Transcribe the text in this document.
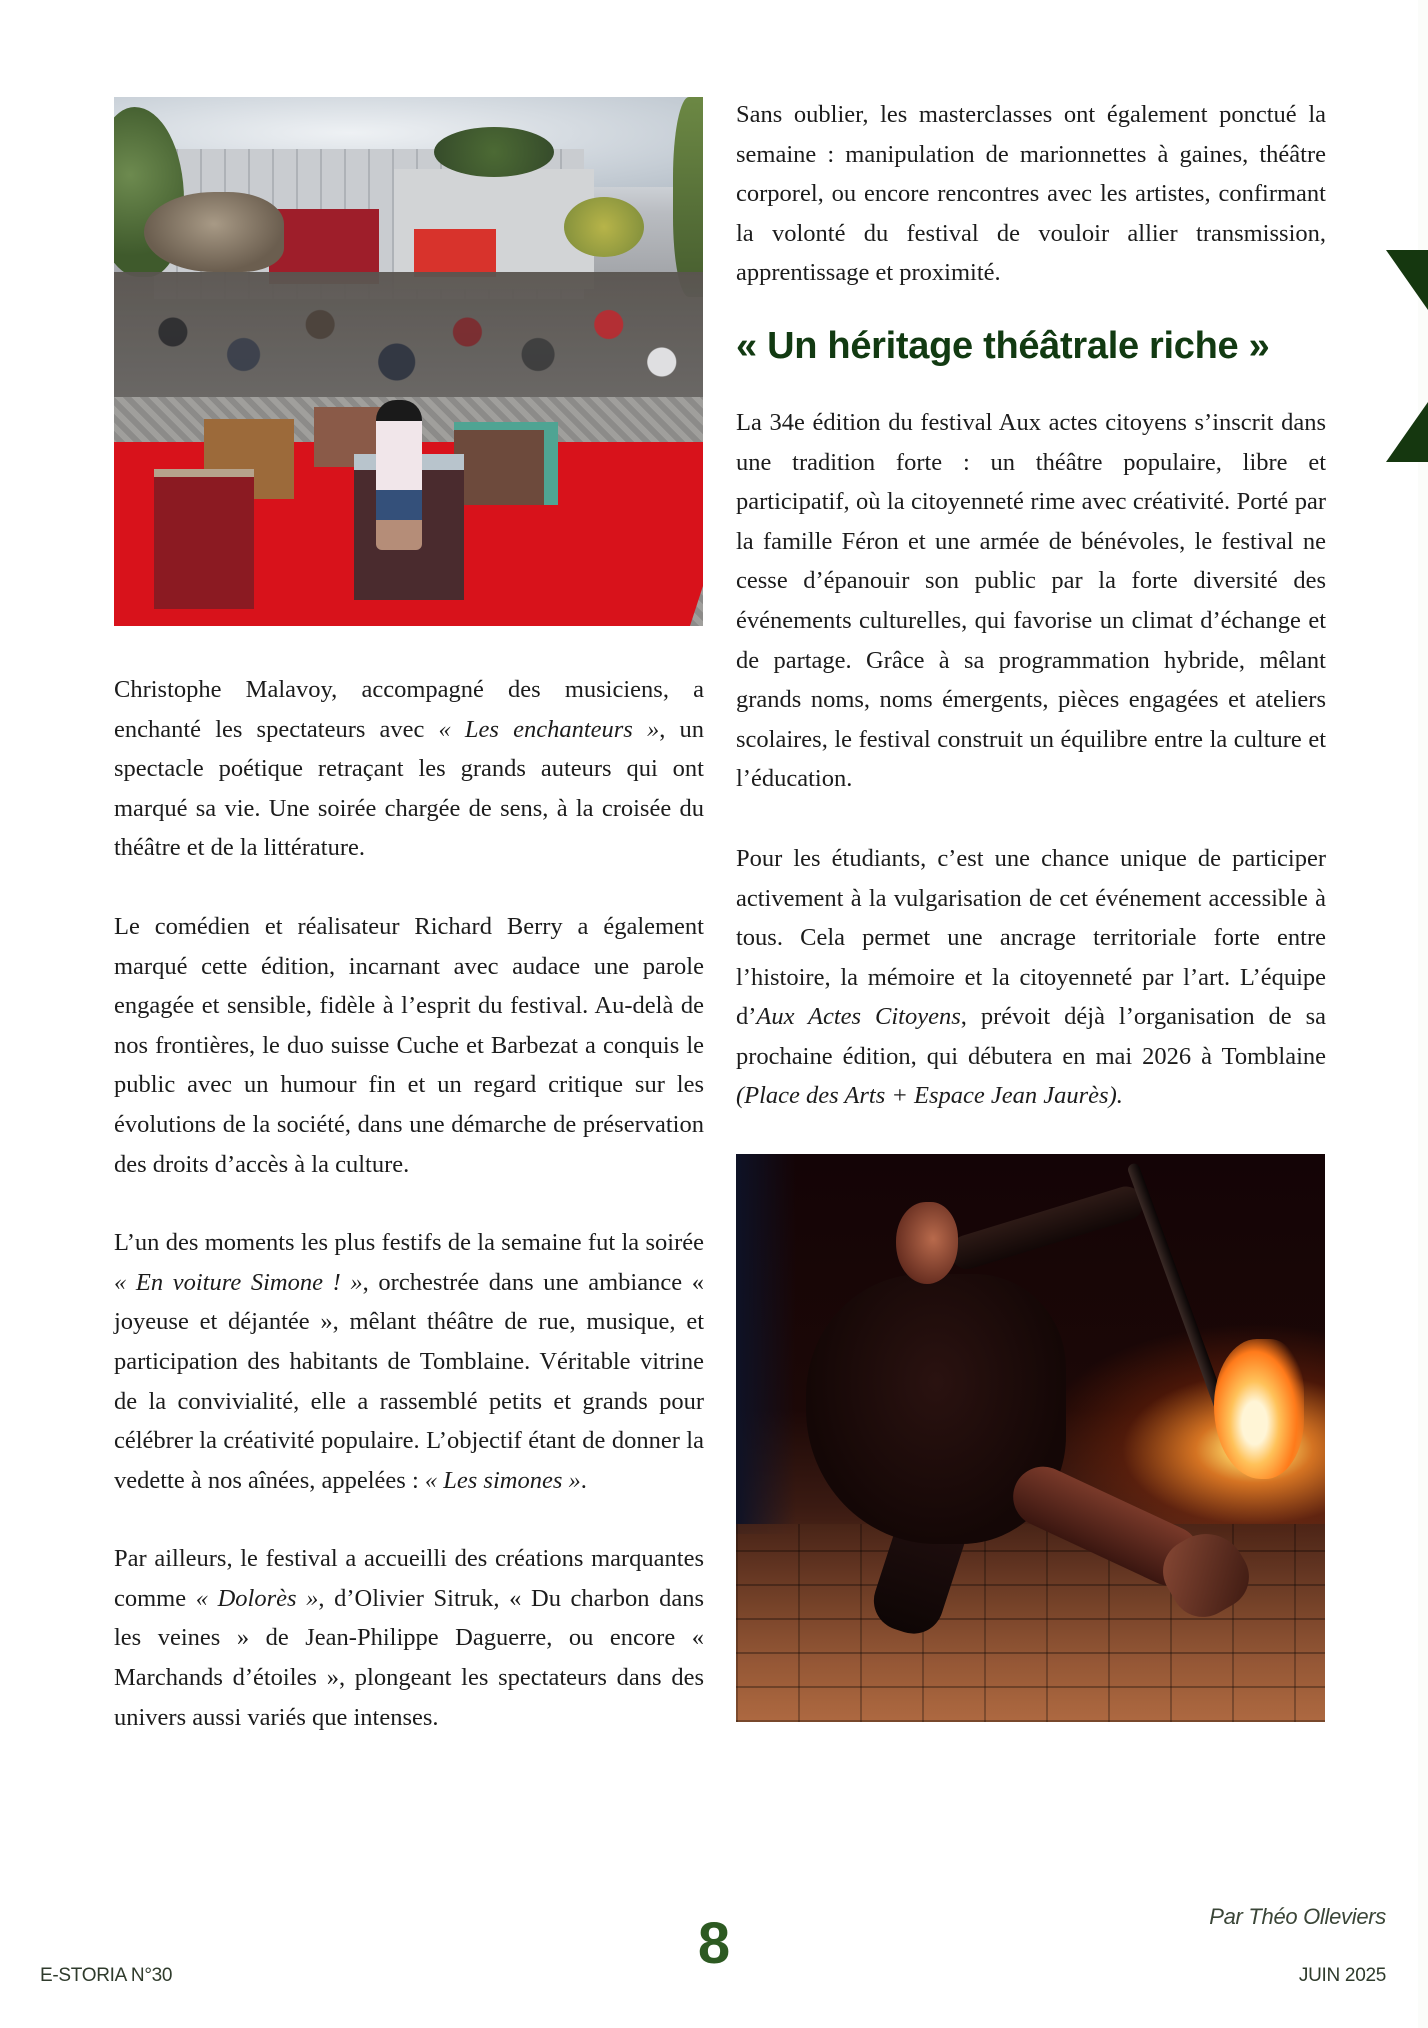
Christophe Malavoy, accompagné des musiciens, a enchanté les spectateurs avec « Les enchanteurs », un spectacle poétique retraçant les grands auteurs qui ont marqué sa vie. Une soirée chargée de sens, à la croisée du théâtre et de la littérature.

Le comédien et réalisateur Richard Berry a également marqué cette édition, incarnant avec audace une parole engagée et sensible, fidèle à l’esprit du festival. Au-delà de nos frontières, le duo suisse Cuche et Barbezat a conquis le public avec un humour fin et un regard critique sur les évolutions de la société, dans une démarche de préservation des droits d’accès à la culture.

L’un des moments les plus festifs de la semaine fut la soirée « En voiture Simone ! », orchestrée dans une ambiance « joyeuse et déjantée », mêlant théâtre de rue, musique, et participation des habitants de Tomblaine. Véritable vitrine de la convivialité, elle a rassemblé petits et grands pour célébrer la créativité populaire. L’objectif étant de donner la vedette à nos aînées, appelées : « Les simones ».

Par ailleurs, le festival a accueilli des créations marquantes comme « Dolorès », d’Olivier Sitruk, « Du charbon dans les veines » de Jean-Philippe Daguerre, ou encore « Marchands d’étoiles », plongeant les spectateurs dans des univers aussi variés que intenses.

Sans oublier, les masterclasses ont également ponctué la semaine : manipulation de marionnettes à gaines, théâtre corporel, ou encore rencontres avec les artistes, confirmant la volonté du festival de vouloir allier transmission, apprentissage et proximité.

« Un héritage théâtrale riche »

La 34e édition du festival Aux actes citoyens s’inscrit dans une tradition forte : un théâtre populaire, libre et participatif, où la citoyenneté rime avec créativité. Porté par la famille Féron et une armée de bénévoles, le festival ne cesse d’épanouir son public par la forte diversité des événements culturelles, qui favorise un climat d’échange et de partage. Grâce à sa programmation hybride, mêlant grands noms, noms émergents, pièces engagées et ateliers scolaires, le festival construit un équilibre entre la culture et l’éducation.

Pour les étudiants, c’est une chance unique de participer activement à la vulgarisation de cet événement accessible à tous. Cela permet une ancrage territoriale forte entre l’histoire, la mémoire et la citoyenneté par l’art. L’équipe d’Aux Actes Citoyens, prévoit déjà l’organisation de sa prochaine édition, qui débutera en mai 2026 à Tomblaine (Place des Arts + Espace Jean Jaurès).

E-STORIA N°30	8	Par Théo Olleviers
JUIN 2025
